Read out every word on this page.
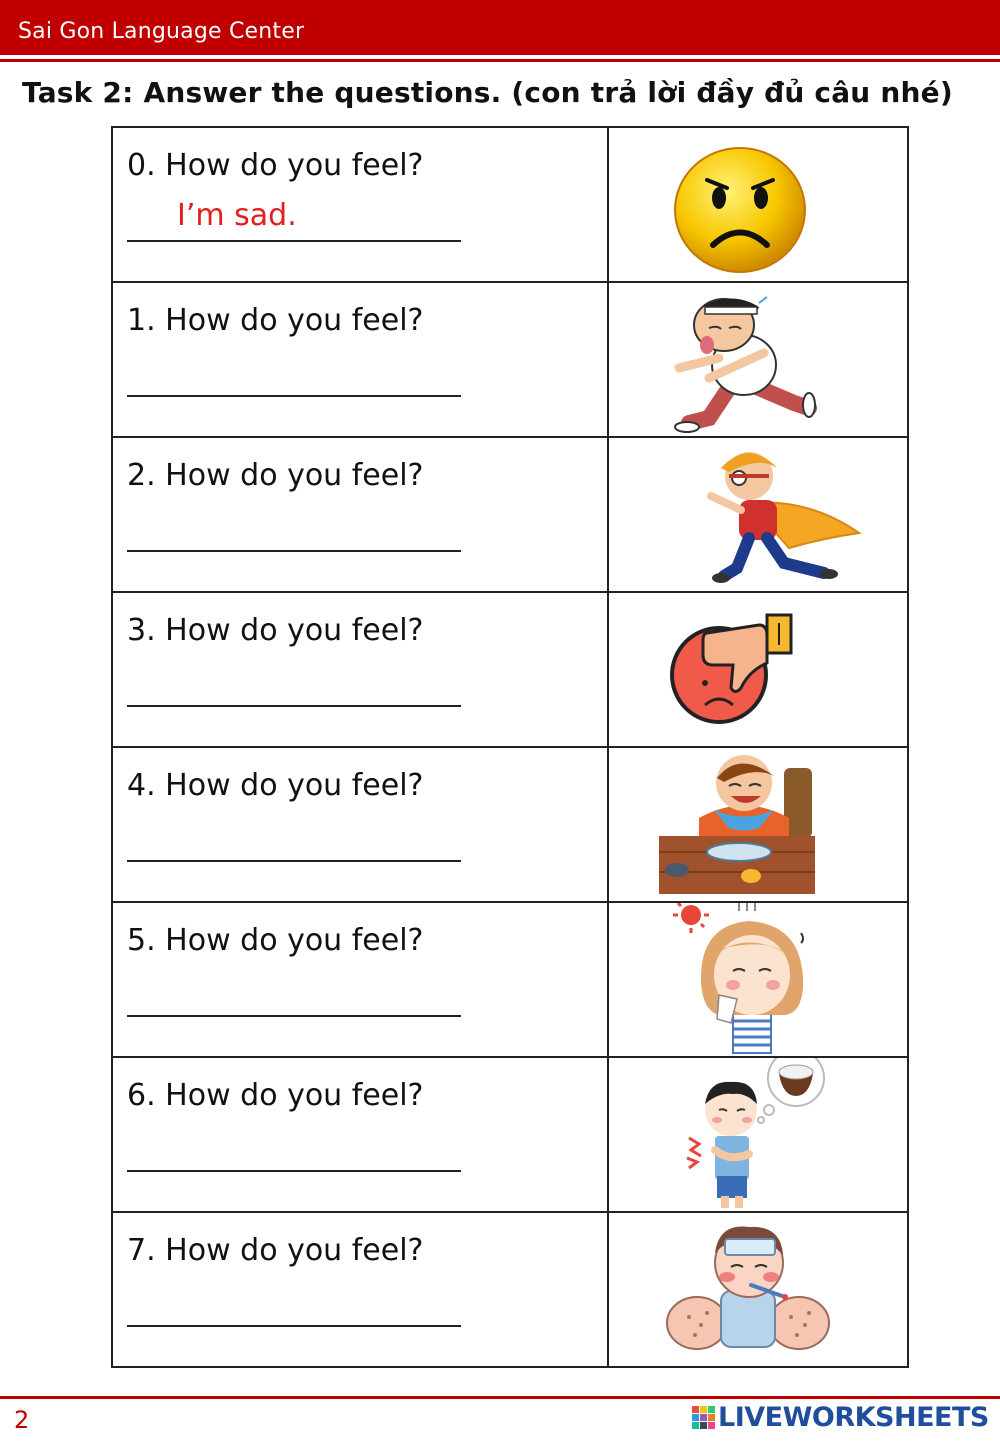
Sai Gon Language Center
Task 2: Answer the questions. (con trả lời đầy đủ câu nhé)
0. How do you feel?
I’m sad.

1. How do you feel?

2. How do you feel?

3. How do you feel?

4. How do you feel?

5. How do you feel?

6. How do you feel?

7. How do you feel?

2	LIVEWORKSHEETS
